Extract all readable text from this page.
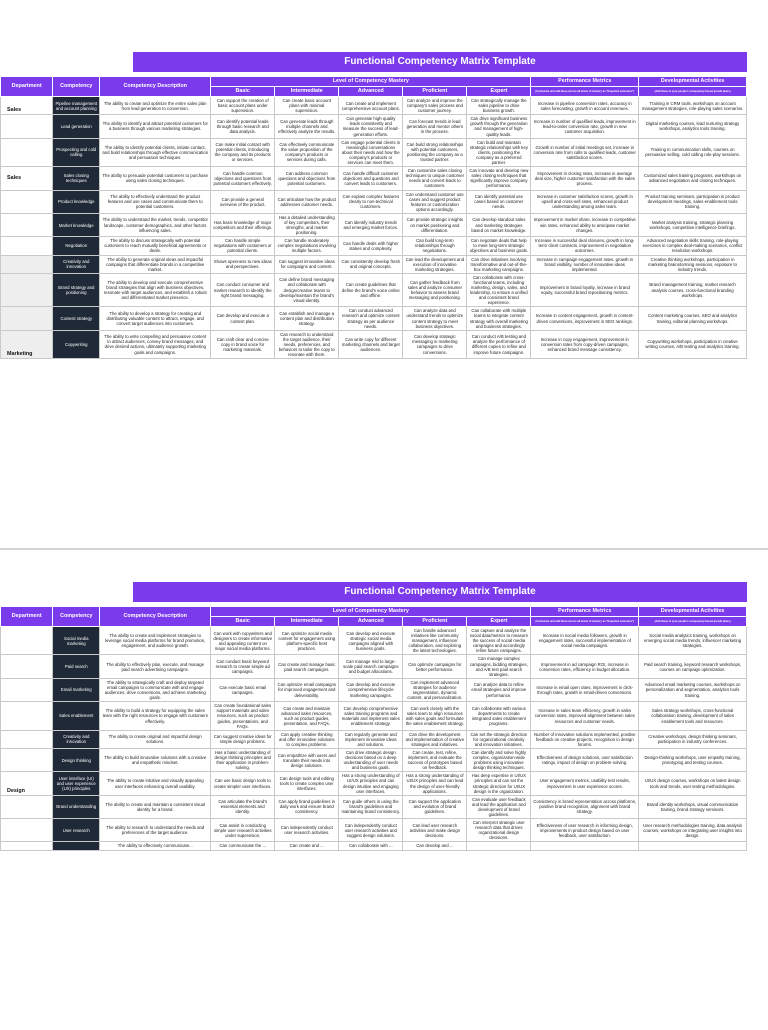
Functional Competency Matrix Template
Department	Competency	Competency Description	Level of Competency Mastery					Performance Metrics	Developmental Activities
			Basic	Intermediate	Advanced	Proficient	Expert	(Customize and add these across all levels of mastery as "Expected outcomes")	(Add these to your people's competency-based growth plans)
Sales	Pipeline management and account planning	The ability to create and optimize the entire sales plan from lead generation to conversion.	Can support the creation of basic account plans under supervision.	Can create basic account plans with minimal supervision.	Can create and implement comprehensive account plans.	Can analyze and improve the company's sales process and customer journey.	Can strategically manage the sales pipeline to drive business growth.	Increase in pipeline conversion rates, accuracy in sales forecasting, growth in account revenues.	Training in CRM tools, workshops on account management strategies, role-playing sales scenarios.
	Lead generation	The ability to identify and attract potential customers for a business through various marketing strategies.	Can identify potential leads through basic research and data analysis.	Can generate leads through multiple channels and effectively analyze the results.	Can generate high-quality leads consistently and measure the success of lead-generation efforts.	Can forecast trends in lead generation and mentor others in the process.	Can drive significant business growth through the generation and management of high-quality leads.	Increase in number of qualified leads, improvement in lead-to-order conversion rate, growth in new customer acquisition.	Digital marketing courses, lead nurturing strategy workshops, analytics tools training.
	Prospecting and cold calling	The ability to identify potential clients, initiate contact, and build relationships through effective communication and persuasion techniques.	Can make initial contact with potential clients, introducing the company and its products or services.	Can effectively communicate the value proposition of the company's products or services during calls.	Can engage potential clients in meaningful conversations about their needs and how the company's products or services can meet them.	Can build strong relationships with potential customers, positioning the company as a trusted partner.	Can build and maintain strategic relationships with key clients, positioning the company as a preferred partner.	Growth in number of initial meetings set, increase in conversion rate from calls to qualified leads, customer satisfaction scores.	Training in communication skills, courses on persuasive selling, cold calling role-play sessions.
Sales	Sales closing techniques	The ability to persuade potential customers to purchase using sales closing techniques.	Can handle common objections and questions from potential customers effectively.	Can address common questions and objections from potential customers.	Can handle difficult customer objections and questions and convert leads to customers.	Can customize sales closing techniques to unique customer needs and convert leads to customers.	Can innovate and develop new sales closing techniques that significantly improve company performance.	Improvement in closing rates, increase in average deal size, higher customer satisfaction with the sales process.	Customized sales training programs, workshops on advanced negotiation and closing techniques.
	Product knowledge	The ability to effectively understand the product features and use cases and communicate them to potential customers.	Can provide a general overview of the product.	Can articulate how the product addresses customer needs.	Can explain complex features clearly to non-technical customers.	Can understand customer use cases and suggest product features or customization options accordingly.	Can identify potential use cases based on customer needs.	Increase in customer satisfaction scores, growth in upsell and cross-sell rates, enhanced product understanding among sales team.	Product training seminars, participation in product development meetings, sales-enablement tools training.
	Market knowledge	The ability to understand the market, trends, competitor landscape, customer demographics, and other factors influencing sales.	Has basic knowledge of major competitors and their offerings.	Has a detailed understanding of key competitors, their strengths, and market positioning.	Can identify industry trends and emerging market forces.	Can provide strategic insights on market positioning and differentiation.	Can develop standout sales and marketing strategies based on market knowledge.	Improvement in market share, increase in competitive win rates, enhanced ability to anticipate market changes.	Market analysis training, strategic planning workshops, competitive intelligence briefings.
	Negotiation	The ability to discuss strategically with potential customers to reach mutually beneficial agreements or deals.	Can handle simple negotiations with customers or potential clients.	Can handle moderately complex negotiations involving multiple factors.	Can handle deals with higher stakes and complexity.	Can build long-term relationships through negotiations.	Can negotiate deals that help to meet long-term strategic objectives and business goals.	Increase in successful deal closures, growth in long-term client contracts, improvement in negotiation outcomes.	Advanced negotiation skills training, role-playing exercises in complex deal-making scenarios, conflict resolution workshops.
	Creativity and innovation	The ability to generate original ideas and impactful campaigns that differentiate brands in a competitive market.	Shows openness to new ideas and perspectives.	Can suggest innovative ideas for campaigns and content.	Can consistently develop fresh and original concepts.	Can lead the development and execution of innovative marketing strategies.	Can drive initiatives involving transformative and out-of-the-box marketing campaigns.	Increase in campaign engagement rates, growth in brand visibility, number of innovative ideas implemented.	Creative thinking workshops, participation in marketing brainstorming sessions, exposure to industry trends.
	Brand strategy and positioning	The ability to develop and execute comprehensive brand strategies that align with business objectives, resonate with target audiences, and establish a robust and differentiated market presence.	Can conduct consumer and market research to identify the right brand messaging.	Can define brand messaging and collaborate with design/creative teams to develop/maintain the brand's visual identity.	Can create guidelines that define the brand's voice online and offline.	Can gather feedback from sales and analyze consumer behavior to assess brand messaging and positioning.	Can collaborate with cross-functional teams, including marketing, design, sales, and leadership, to ensure a unified and consistent brand experience.	Improvement in brand loyalty, increase in brand equity, successful brand repositioning metrics.	Brand management training, market research analysis courses, cross-functional branding workshops.
	Content strategy	The ability to develop a strategy for creating and distributing valuable content to attract, engage, and convert target audiences into customers.	Can develop and execute a content plan.	Can establish and manage a content plan and distribution strategy.	Can conduct advanced research and optimize content strategy as per audience needs.	Can analyze data and understand trends to optimize content strategy to meet business objectives.	Can collaborate with multiple teams to integrate content strategy with overall marketing and business strategies.	Increase in content engagement, growth in content-driven conversions, improvement in SEO rankings.	Content marketing courses, SEO and analytics training, editorial planning workshops.
Marketing	Copywriting	The ability to write compelling and persuasive content to attract audiences, convey brand messages, and drive desired actions, ultimately supporting marketing goals and campaigns.	Can craft clear and concise copy in brand voice for marketing materials.	Can research to understand the target audience, their needs, preferences, and behaviors to tailor the copy to resonate with them.	Can write copy for different marketing channels and target audiences.	Can develop strategic messaging in marketing campaigns to drive conversions.	Can conduct A/B testing and analyze the performance of different copies to refine and improve future campaigns.	Increase in copy engagement, improvement in conversion rates from copy-driven campaigns, enhanced brand message consistency.	Copywriting workshops, participation in creative writing courses, A/B testing and analytics training.
Functional Competency Matrix Template
Department	Competency	Competency Description	Level of Competency Mastery					Performance Metrics	Developmental Activities
			Basic	Intermediate	Advanced	Proficient	Expert	(Customize and add these across all levels of mastery as "Expected outcomes")	(Add these to your people's competency-based growth plans)
	Social media marketing	The ability to create and implement strategies to leverage social media platforms for brand promotion, engagement, and audience growth.	Can work with copywriters and designers to create informative and appealing content on major social media platforms.	Can optimize social media content for engagement using platform-specific best practices.	Can develop and execute strategic social media campaigns aligned with business goals.	Can handle advanced initiatives like community management, influencer collaboration, and exploring the latest technologies.	Can capture and analyze the social data/metrics to measure the success of social media campaigns and accordingly refine future campaigns.	Increase in social media followers, growth in engagement rates, successful implementation of social media campaigns.	Social media analytics training, workshops on emerging social media trends, influencer marketing strategies.
	Paid search	The ability to effectively plan, execute, and manage paid search advertising campaigns.	Can conduct basic keyword research to create simple ad campaigns.	Can create and manage basic paid search campaigns.	Can manage mid to large-scale paid search campaigns and budget allocations.	Can optimize campaigns for better performance.	Can manage complex campaigns, bidding strategies, and A/B test paid search strategies.	Improvement in ad campaign ROI, increase in conversion rates, efficiency in budget allocation.	Paid search training, keyword research workshops, courses on campaign optimization.
	Email marketing	The ability to strategically craft and deploy targeted email campaigns to communicate with and engage audiences, drive conversions, and achieve marketing goals.	Can execute basic email campaigns.	Can optimize email campaigns for improved engagement and deliverability.	Can develop and execute comprehensive lifecycle marketing campaigns.	Can implement advanced strategies for audience segmentation, dynamic content, and personalization.	Can analyze data to refine email strategies and improve performance.	Increase in email open rates, improvement in click-through rates, growth in email-driven conversions.	Advanced email marketing courses, workshops on personalization and segmentation, analytics tools training.
	Sales enablement	The ability to build a strategy for equipping the sales team with the right resources to engage with customers effectively.	Can create foundational sales support materials and sales resources, such as product guides, presentations, and FAQs.	Can create and maintain advanced sales resources, such as product guides, presentation, and FAQs.	Can develop comprehensive sales training programs and materials and implement sales enablement strategy.	Can work closely with the sales team to align resources with sales goals and formulate the sales enablement strategy.	Can collaborate with various departments to create integrated sales enablement programs.	Increase in sales team efficiency, growth in sales conversion rates, improved alignment between sales resources and customer needs.	Sales strategy workshops, cross-functional collaboration training, development of sales enablement tools and resources.
	Creativity and innovation	The ability to create original and impactful design solutions.	Can suggest creative ideas for simple design problems.	Can apply creative thinking and offer innovative solutions to complex problems.	Can regularly generate and implement innovative ideas and solutions.	Can drive the development and implementation of creative strategies and initiatives.	Can set the strategic direction for organizational creativity and innovation initiatives.	Number of innovative solutions implemented, positive feedback on creative projects, recognition in design forums.	Creative workshops, design thinking seminars, participation in industry conferences.
	Design thinking	The ability to build innovative solutions with a creative and empathetic mindset.	Has a basic understanding of design thinking principles and their application in problem-solving.	Can empathize with users and translate their needs into design solutions.	Can drive strategic design decisions based on a deep understanding of user needs and business goals.	Can create, test, refine, implement, and evaluate the success of prototypes based on feedback.	Can identify and solve highly complex, organization-wide problems using innovative design thinking techniques.	Effectiveness of design solutions, user satisfaction ratings, impact of design on problem-solving.	Design-thinking workshops, user empathy training, prototyping and testing courses.
Design	User interface (UI) and user experience (UX) principles	The ability to create intuitive and visually appealing user interfaces enhancing overall usability.	Can use basic design tools to create simpler user interfaces.	Can design tools and editing tools to create complex user interfaces.	Has a strong understanding of UI/UX principles and can design intuitive and engaging user interfaces.	Has a strong understanding of UI/UX principles and can lead the design of user-friendly applications.	Has deep expertise in UI/UX principles and can set the strategic direction for UI/UX design in the organization.	User engagement metrics, usability test results, improvement in user experience scores.	UI/UX design courses, workshops on latest design tools and trends, user testing methodologies.
	Brand understanding	The ability to create and maintain a consistent visual identity for a brand.	Can articulate the brand's essential elements and identity.	Can apply brand guidelines in daily work and ensure brand consistency.	Can guide others in using the brand's guidelines and maintaining brand consistency.	Can support the application and evolution of brand guidelines.	Can evaluate user feedback and lead the application and development of brand guidelines.	Consistency in brand representation across platforms, positive brand recognition, alignment with brand strategy.	Brand identity workshops, visual communication training, brand strategy seminars.
	User research	The ability to research to understand the needs and preferences of the target audience.	Can assist in conducting simple user research activities under supervision.	Can independently conduct user research activities.	Can independently conduct user research activities and suggest design solutions.	Can lead user research activities and make design decisions.	Can interpret strategic user research data that drives organizational design decisions.	Effectiveness of user research in informing design, improvements in product design based on user feedback, user satisfaction.	User research methodologies training, data analysis courses, workshops on integrating user insights into design.
		The ability to effectively communicate...	Can communicate the ...	Can create and ...	Can collaborate with ...	Can develop and ...			
